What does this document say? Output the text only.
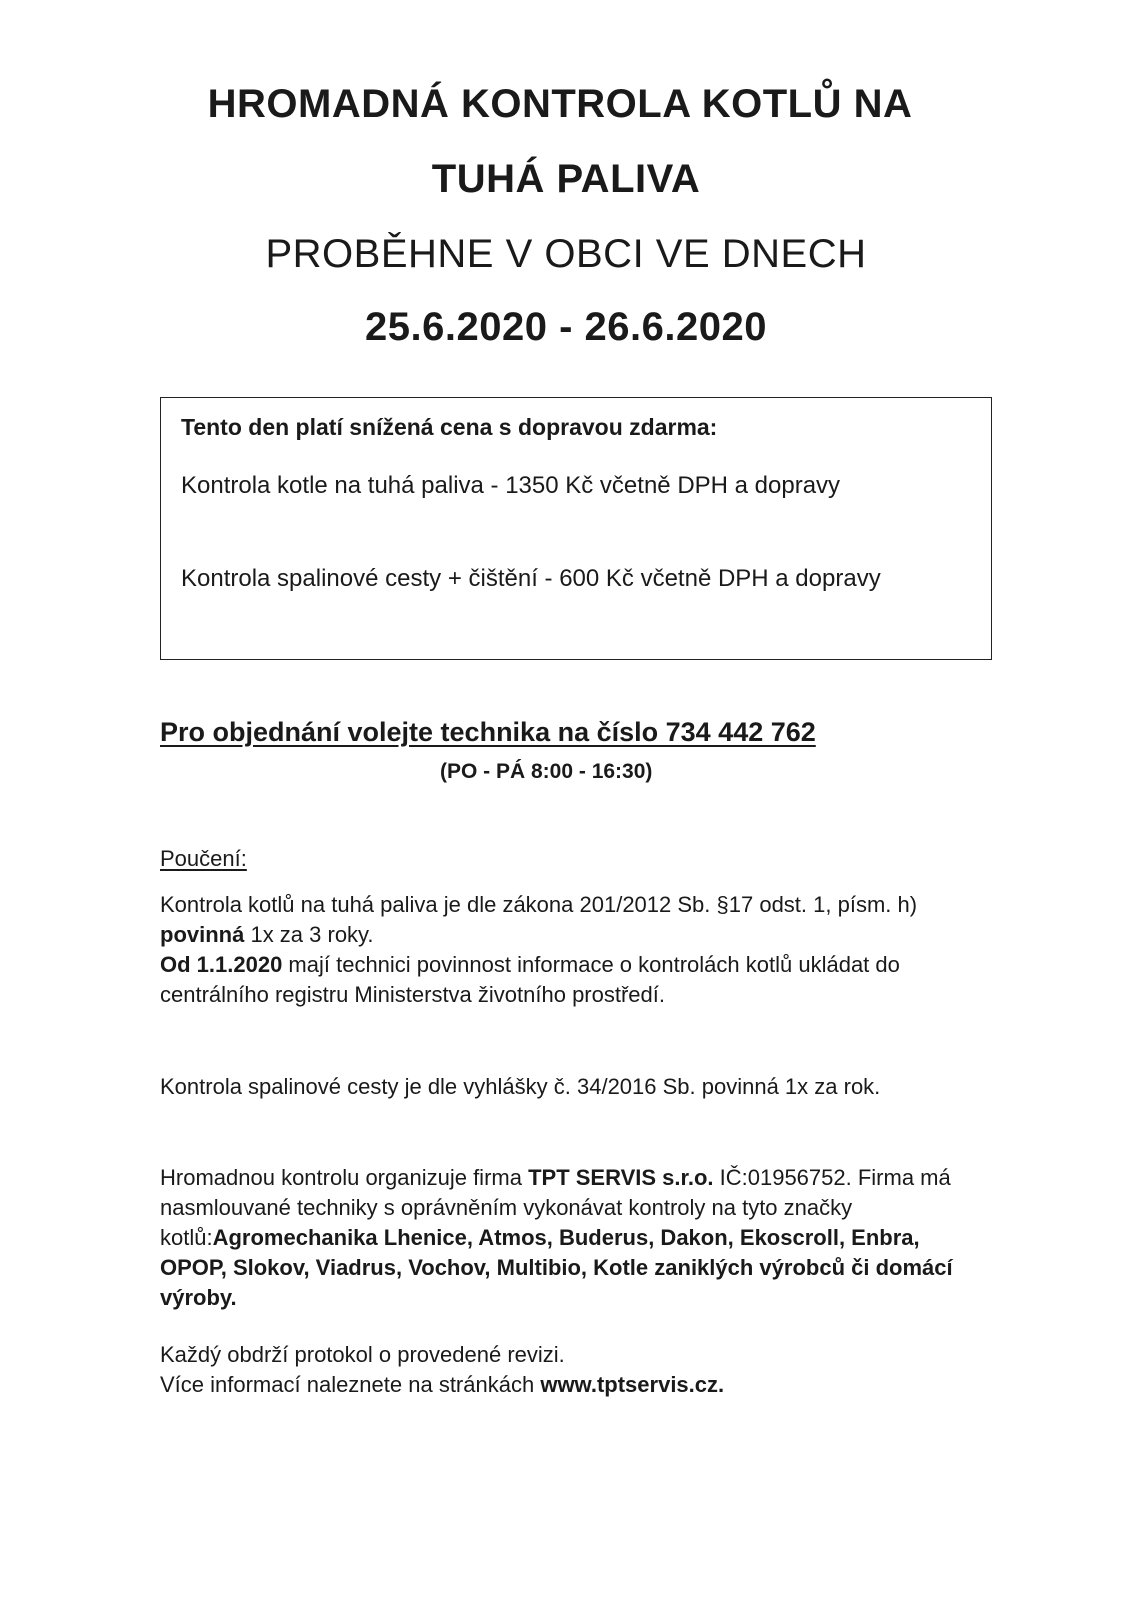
HROMADNÁ KONTROLA KOTLŮ NA
TUHÁ PALIVA
PROBĚHNE V OBCI VE DNECH
25.6.2020 - 26.6.2020
Tento den platí snížená cena s dopravou zdarma:
Kontrola kotle na tuhá paliva - 1350 Kč včetně DPH a dopravy
Kontrola spalinové cesty + čištění - 600 Kč včetně DPH a dopravy
Pro objednání volejte technika na číslo 734 442 762
(PO - PÁ 8:00 - 16:30)
Poučení:
Kontrola kotlů na tuhá paliva je dle zákona 201/2012 Sb. §17 odst. 1, písm. h) povinná 1x za 3 roky.
Od 1.1.2020 mají technici povinnost informace o kontrolách kotlů ukládat do centrálního registru Ministerstva životního prostředí.
Kontrola spalinové cesty je dle vyhlášky č. 34/2016 Sb. povinná 1x za rok.
Hromadnou kontrolu organizuje firma TPT SERVIS s.r.o. IČ:01956752. Firma má nasmlouvané techniky s oprávněním vykonávat kontroly na tyto značky kotlů:Agromechanika Lhenice, Atmos, Buderus, Dakon, Ekoscroll, Enbra, OPOP, Slokov, Viadrus, Vochov, Multibio, Kotle zaniklých výrobců či domácí výroby.
Každý obdrží protokol o provedené revizi.
Více informací naleznete na stránkách www.tptservis.cz.
